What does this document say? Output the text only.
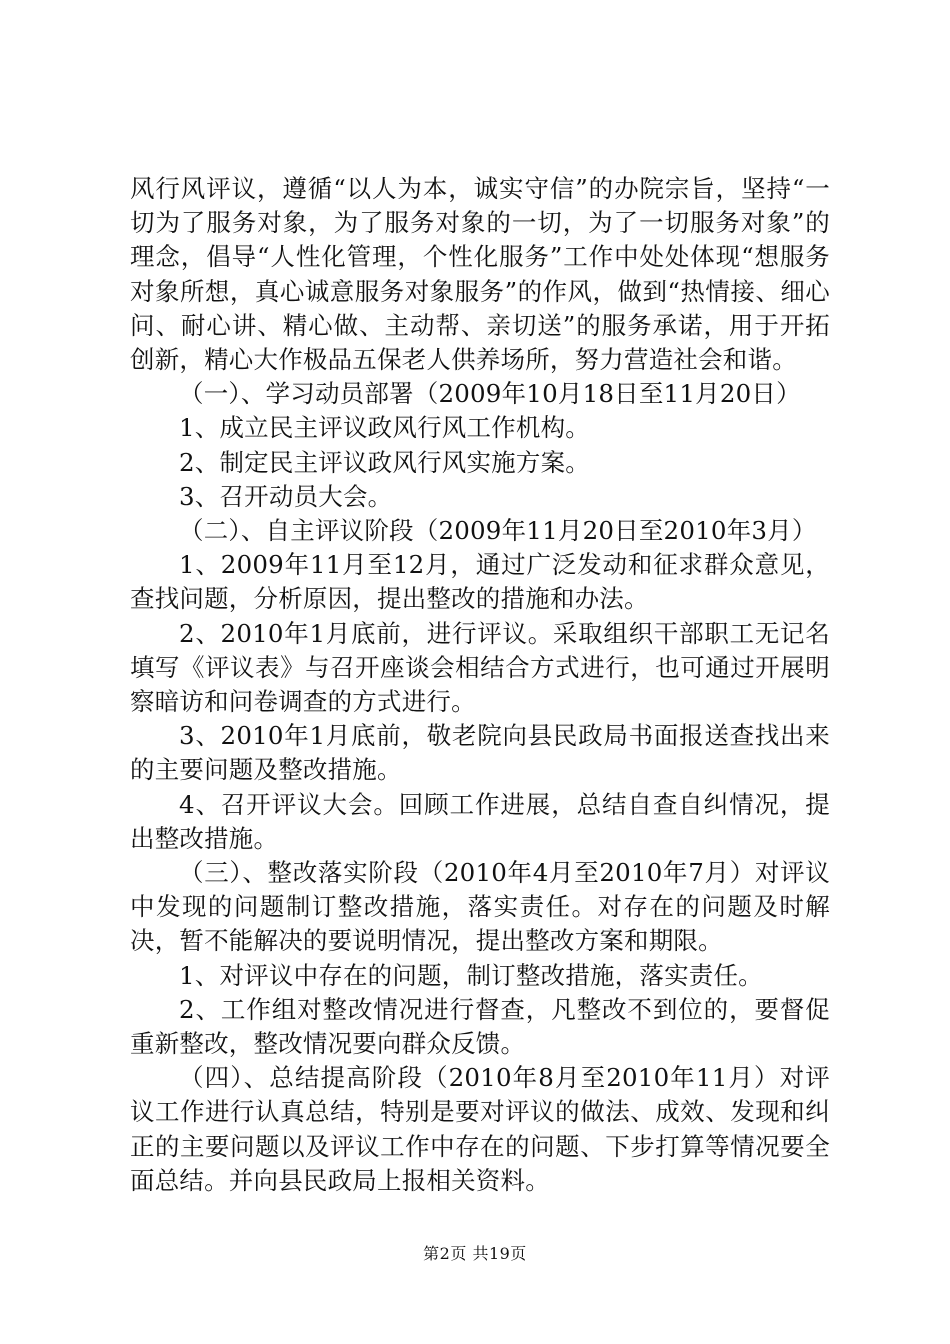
风行风评议，遵循“以人为本，诚实守信”的办院宗旨，坚持“一切为了服务对象，为了服务对象的一切，为了一切服务对象”的理念，倡导“人性化管理，个性化服务”工作中处处体现“想服务对象所想，真心诚意服务对象服务”的作风，做到“热情接、细心问、耐心讲、精心做、主动帮、亲切送”的服务承诺，用于开拓创新，精心大作极品五保老人供养场所，努力营造社会和谐。

（一）、学习动员部署（2009年10月18日至11月20日）

1、成立民主评议政风行风工作机构。

2、制定民主评议政风行风实施方案。

3、召开动员大会。

（二）、自主评议阶段（2009年11月20日至2010年3月）

1、2009年11月至12月，通过广泛发动和征求群众意见，查找问题，分析原因，提出整改的措施和办法。

2、2010年1月底前，进行评议。采取组织干部职工无记名填写《评议表》与召开座谈会相结合方式进行，也可通过开展明察暗访和问卷调查的方式进行。

3、2010年1月底前，敬老院向县民政局书面报送查找出来的主要问题及整改措施。

4、召开评议大会。回顾工作进展，总结自查自纠情况，提出整改措施。

（三）、整改落实阶段（2010年4月至2010年7月）对评议中发现的问题制订整改措施，落实责任。对存在的问题及时解决，暂不能解决的要说明情况，提出整改方案和期限。

1、对评议中存在的问题，制订整改措施，落实责任。

2、工作组对整改情况进行督查，凡整改不到位的，要督促重新整改，整改情况要向群众反馈。

（四）、总结提高阶段（2010年8月至2010年11月）对评议工作进行认真总结，特别是要对评议的做法、成效、发现和纠正的主要问题以及评议工作中存在的问题、下步打算等情况要全面总结。并向县民政局上报相关资料。

第2页 共19页
